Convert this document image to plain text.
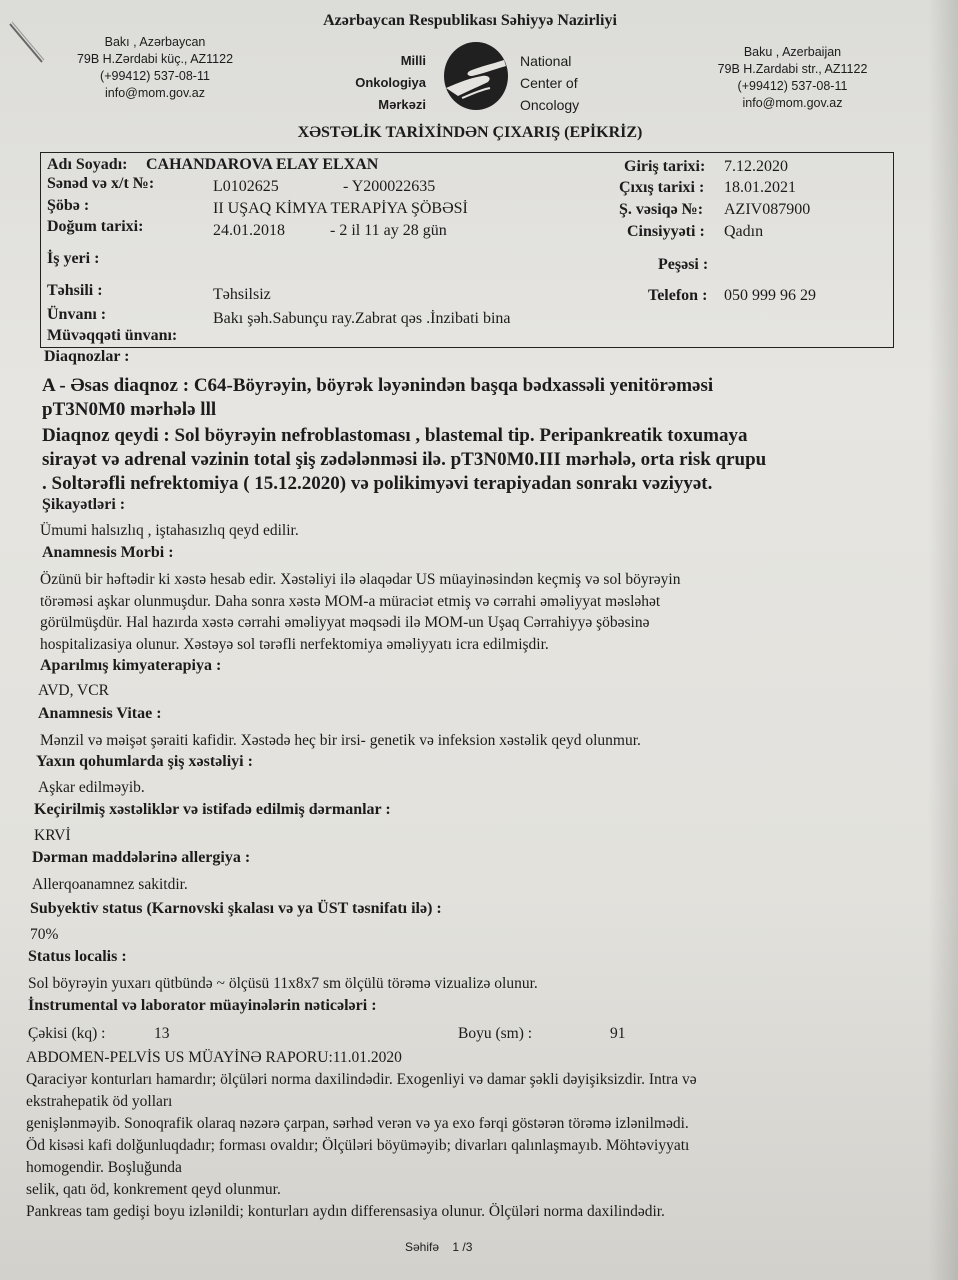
Azərbaycan Respublikası Səhiyyə Nazirliyi
Bakı , Azərbaycan
79B H.Zərdabi küç., AZ1122
(+99412) 537-08-11
info@mom.gov.az
Baku , Azerbaijan
79B H.Zardabi str., AZ1122
(+99412) 537-08-11
info@mom.gov.az
Milli
Onkologiya
Mərkəzi
National
Center of
Oncology
XƏSTƏLİK TARİXİNDƏN ÇIXARIŞ (EPİKRİZ)
Adı Soyadı: CAHANDAROVA ELAY ELXAN
Sənəd və x/t №:	L0102625	- Y200022635
Şöbə :	II UŞAQ KİMYA TERAPİYA ŞÖBƏSİ
Doğum tarixi:	24.01.2018	- 2 il 11 ay 28 gün
İş yeri :
Təhsili :	Təhsilsiz
Ünvanı :	Bakı şəh.Sabunçu ray.Zabrat qəs .İnzibati bina
Müvəqqəti ünvanı:
Giriş tarixi: 7.12.2020
Çıxış tarixi : 18.01.2021
Ş. vəsiqə №: AZIV087900
Cinsiyyəti : Qadın
Peşəsi :
Telefon : 050 999 96 29
Diaqnozlar :
A - Əsas diaqnoz : C64-Böyrəyin, böyrək ləyənindən başqa bədxassəli yenitörəməsi
pT3N0M0 mərhələ lll
Diaqnoz qeydi : Sol böyrəyin nefroblastoması , blastemal tip. Peripankreatik toxumaya
sirayət və adrenal vəzinin total şiş zədələnməsi ilə. pT3N0M0.III mərhələ, orta risk qrupu
. Soltərəfli nefrektomiya ( 15.12.2020) və polikimyəvi terapiyadan sonrakı vəziyyət.
Şikayətləri :
Ümumi halsızlıq , iştahasızlıq qeyd edilir.
Anamnesis Morbi :
Özünü bir həftədir ki xəstə hesab edir. Xəstəliyi ilə əlaqədar US müayinəsindən keçmiş və sol böyrəyin
törəməsi aşkar olunmuşdur. Daha sonra xəstə MOM-a müraciət etmiş və cərrahi əməliyyat məsləhət
görülmüşdür. Hal hazırda xəstə cərrahi əməliyyat məqsədi ilə MOM-un Uşaq Cərrahiyyə şöbəsinə
hospitalizasiya olunur. Xəstəyə sol tərəfli nerfektomiya əməliyyatı icra edilmişdir.
Aparılmış kimyaterapiya :
AVD, VCR
Anamnesis Vitae :
Mənzil və məişət şəraiti kafidir. Xəstədə heç bir irsi- genetik və infeksion xəstəlik qeyd olunmur.
Yaxın qohumlarda şiş xəstəliyi :
Aşkar edilməyib.
Keçirilmiş xəstəliklər və istifadə edilmiş dərmanlar :
KRVİ
Dərman maddələrinə allergiya :
Allerqoanamnez sakitdir.
Subyektiv status (Karnovski şkalası və ya ÜST təsnifatı ilə) :
70%
Status localis :
Sol böyrəyin yuxarı qütbündə ~ ölçüsü 11x8x7 sm ölçülü törəmə vizualizə olunur.
İnstrumental və laborator müayinələrin nəticələri :
Çəkisi (kq) :	13	Boyu (sm) :	91
ABDOMEN-PELVİS US MÜAYİNƏ RAPORU:11.01.2020
Qaraciyər konturları hamardır; ölçüləri norma daxilindədir. Exogenliyi və damar şəkli dəyişiksizdir. Intra və
ekstrahepatik öd yolları
genişlənməyib. Sonoqrafik olaraq nəzərə çarpan, sərhəd verən və ya exo fərqi göstərən törəmə izlənilmədi.
Öd kisəsi kafi dolğunluqdadır; forması ovaldır; Ölçüləri böyüməyib; divarları qalınlaşmayıb. Möhtəviyyatı
homogendir. Boşluğunda
selik, qatı öd, konkrement qeyd olunmur.
Pankreas tam gedişi boyu izlənildi; konturları aydın differensasiya olunur. Ölçüləri norma daxilindədir.
Səhifə 1 /3
